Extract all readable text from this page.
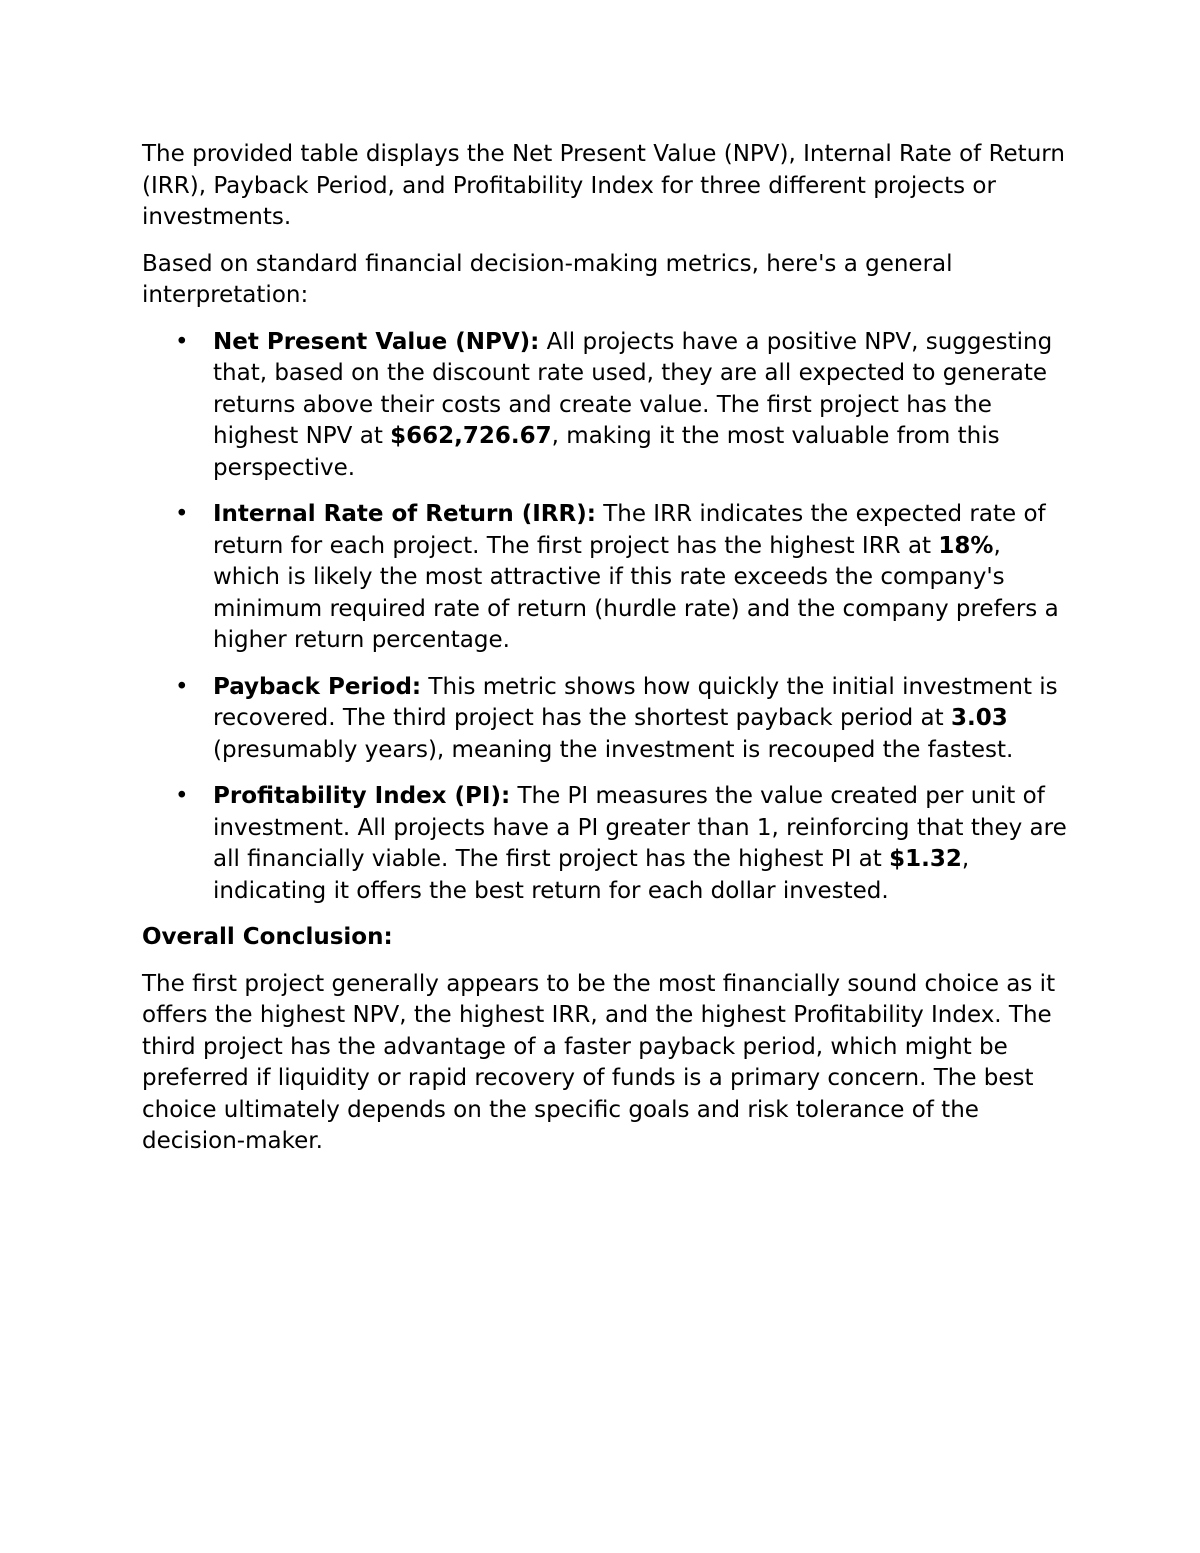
The provided table displays the Net Present Value (NPV), Internal Rate of Return (IRR), Payback Period, and Profitability Index for three different projects or investments.

Based on standard financial decision-making metrics, here's a general interpretation:

• Net Present Value (NPV): All projects have a positive NPV, suggesting that, based on the discount rate used, they are all expected to generate returns above their costs and create value. The first project has the highest NPV at $662,726.67, making it the most valuable from this perspective.
• Internal Rate of Return (IRR): The IRR indicates the expected rate of return for each project. The first project has the highest IRR at 18%, which is likely the most attractive if this rate exceeds the company's minimum required rate of return (hurdle rate) and the company prefers a higher return percentage.
• Payback Period: This metric shows how quickly the initial investment is recovered. The third project has the shortest payback period at 3.03 (presumably years), meaning the investment is recouped the fastest.
• Profitability Index (PI): The PI measures the value created per unit of investment. All projects have a PI greater than 1, reinforcing that they are all financially viable. The first project has the highest PI at $1.32, indicating it offers the best return for each dollar invested.

Overall Conclusion:

The first project generally appears to be the most financially sound choice as it offers the highest NPV, the highest IRR, and the highest Profitability Index. The third project has the advantage of a faster payback period, which might be preferred if liquidity or rapid recovery of funds is a primary concern. The best choice ultimately depends on the specific goals and risk tolerance of the decision-maker.
